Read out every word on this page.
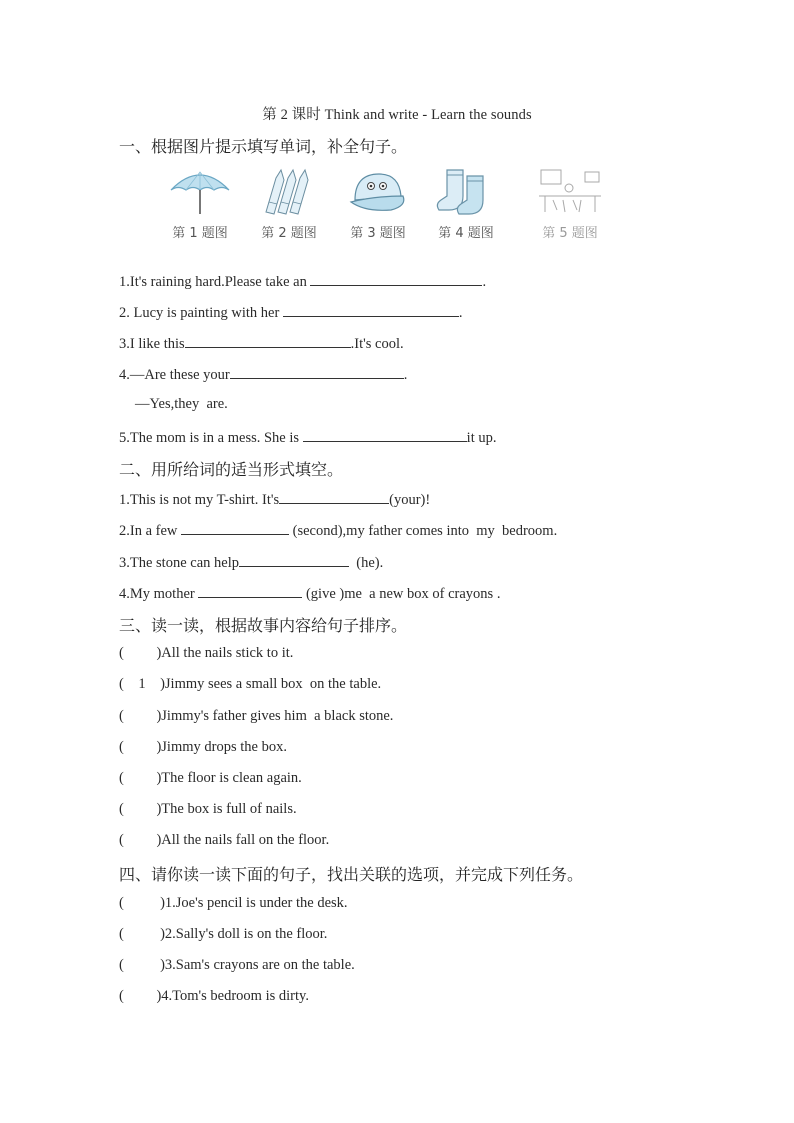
第 2 课时 Think and write - Learn the sounds
一、根据图片提示填写单词，补全句子。
第 1 题图	第 2 题图	第 3 题图	第 4 题图	第 5 题图
1.It's raining hard.Please take an	.
2. Lucy is painting with her	.
3.I like this	.It's cool.
4.—Are these your	.
—Yes,they  are.
5.The mom is in a mess. She is	it up.
二、用所给词的适当形式填空。
1.This is not my T-shirt. It's	(your)!
2.In a few	(second),my father comes into  my  bedroom.
3.The stone can help	(he).
4.My mother	(give )me  a new box of crayons .
三、读一读，根据故事内容给句子排序。
(         )All the nails stick to it.
(    1    )Jimmy sees a small box  on the table.
(         )Jimmy's father gives him  a black stone.
(         )Jimmy drops the box.
(         )The floor is clean again.
(         )The box is full of nails.
(         )All the nails fall on the floor.
四、请你读一读下面的句子，找出关联的选项，并完成下列任务。
(          )1.Joe's pencil is under the desk.
(          )2.Sally's doll is on the floor.
(          )3.Sam's crayons are on the table.
(         )4.Tom's bedroom is dirty.
